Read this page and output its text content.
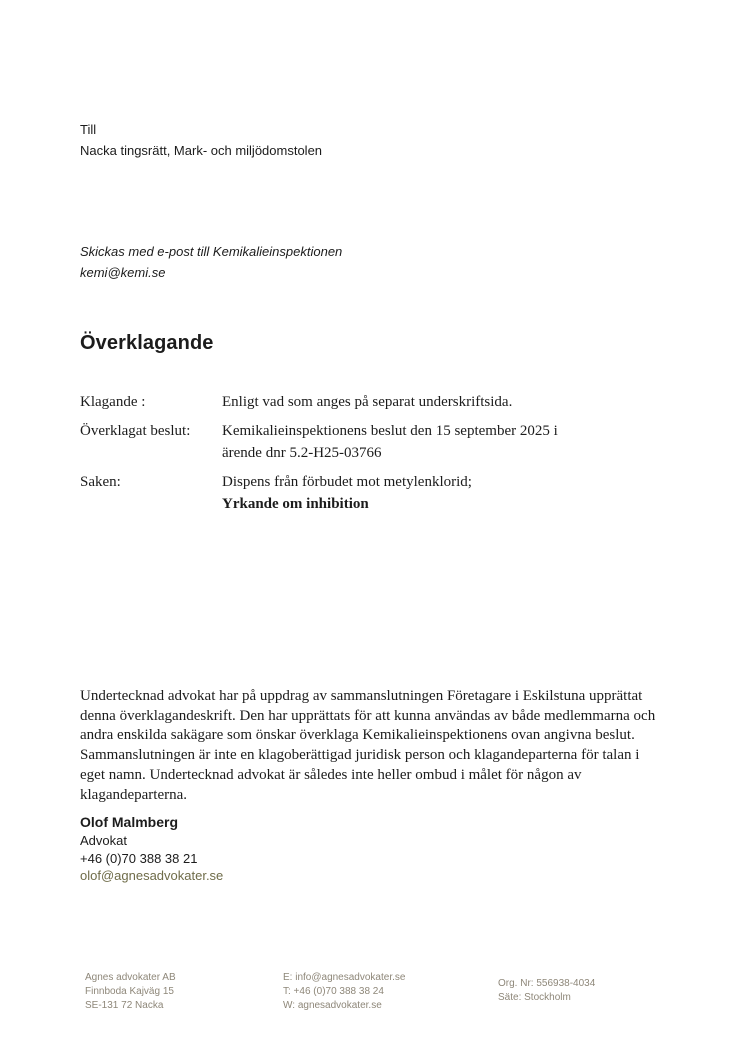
Till
Nacka tingsrätt, Mark- och miljödomstolen
Skickas med e-post till Kemikalieinspektionen
kemi@kemi.se
Överklagande
Klagande :	Enligt vad som anges på separat underskriftsida.
Överklagat beslut:	Kemikalieinspektionens beslut den 15 september 2025 i
ärende dnr 5.2-H25-03766
Saken:	Dispens från förbudet mot metylenklorid;
Yrkande om inhibition

Undertecknad advokat har på uppdrag av sammanslutningen Företagare i Eskilstuna upprättat denna överklagandeskrift. Den har upprättats för att kunna användas av både medlemmarna och andra enskilda sakägare som önskar överklaga Kemikalieinspektionens ovan angivna beslut. Sammanslutningen är inte en klagoberättigad juridisk person och klagandeparterna för talan i eget namn. Undertecknad advokat är således inte heller ombud i målet för någon av klagandeparterna.

Olof Malmberg
Advokat
+46 (0)70 388 38 21
olof@agnesadvokater.se
Agnes advokater AB
Finnboda Kajväg 15
SE-131 72 Nacka
E: info@agnesadvokater.se
T: +46 (0)70 388 38 24
W: agnesadvokater.se
Org. Nr: 556938-4034
Säte: Stockholm
